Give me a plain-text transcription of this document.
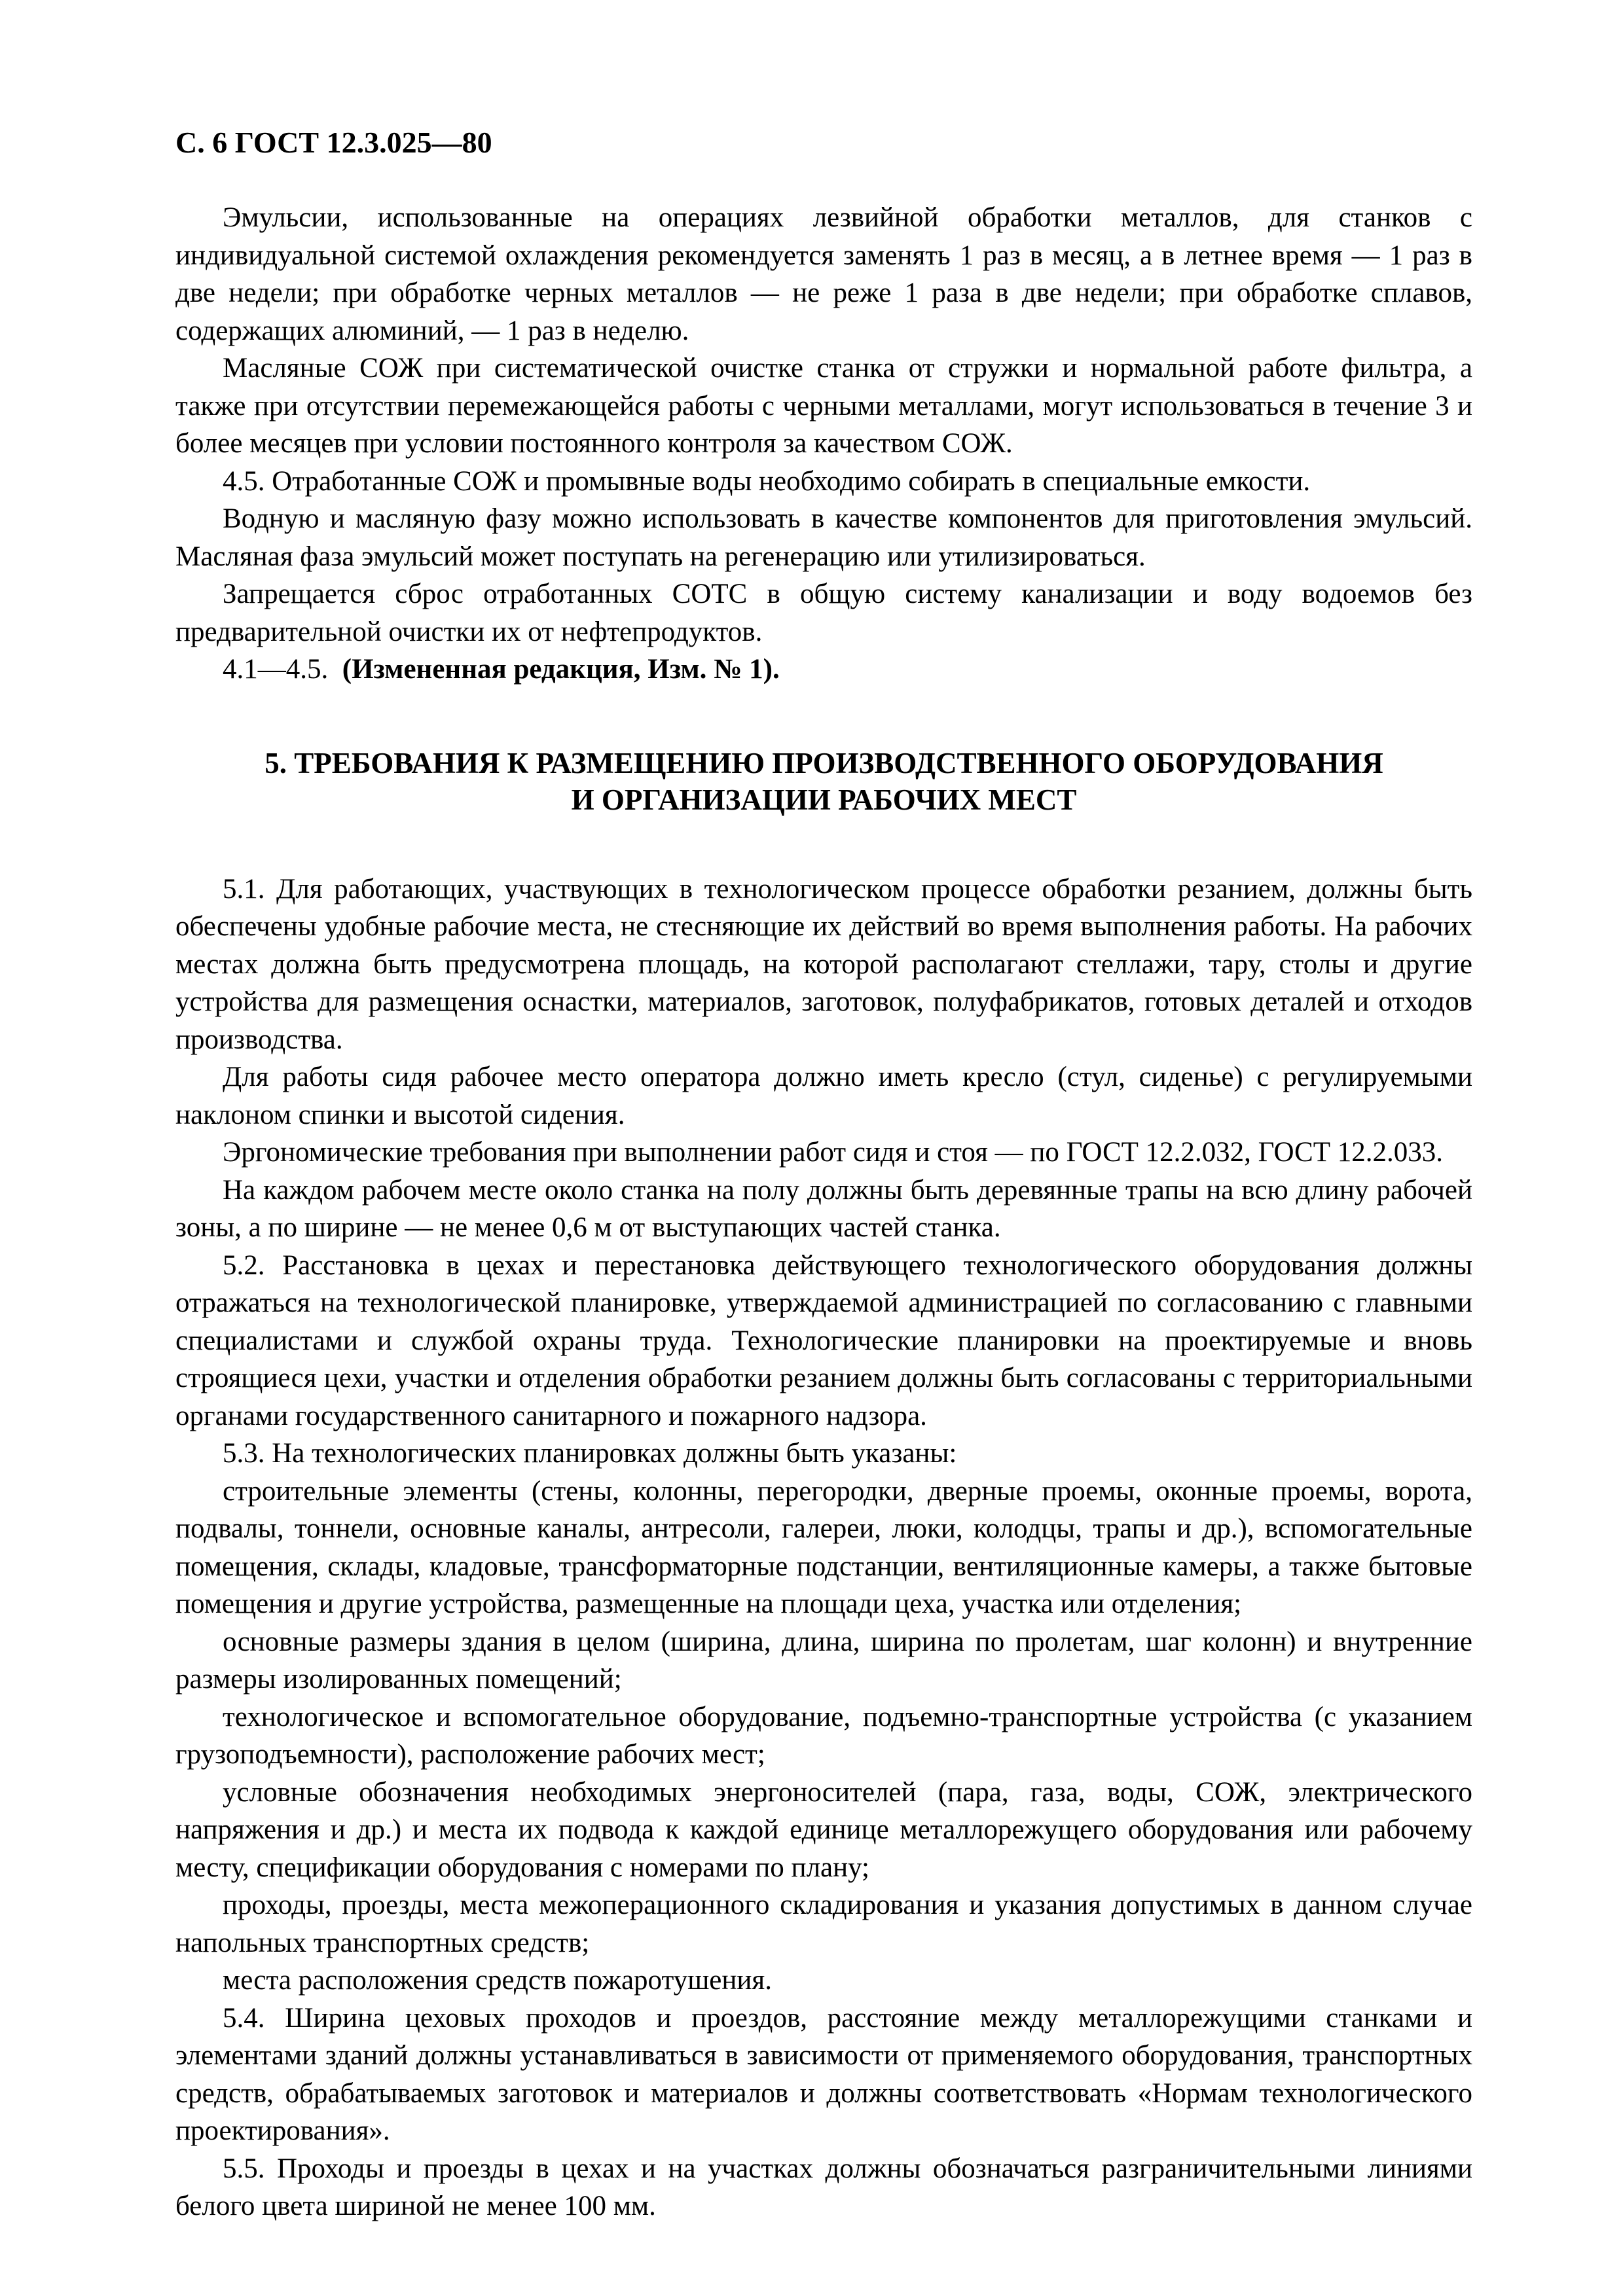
С. 6 ГОСТ 12.3.025—80

Эмульсии, использованные на операциях лезвийной обработки металлов, для станков с индивидуальной системой охлаждения рекомендуется заменять 1 раз в месяц, а в летнее время — 1 раз в две недели; при обработке черных металлов — не реже 1 раза в две недели; при обработке сплавов, содержащих алюминий, — 1 раз в неделю.

Масляные СОЖ при систематической очистке станка от стружки и нормальной работе фильтра, а также при отсутствии перемежающейся работы с черными металлами, могут использоваться в течение 3 и более месяцев при условии постоянного контроля за качеством СОЖ.

4.5. Отработанные СОЖ и промывные воды необходимо собирать в специальные емкости.

Водную и масляную фазу можно использовать в качестве компонентов для приготовления эмульсий. Масляная фаза эмульсий может поступать на регенерацию или утилизироваться.

Запрещается сброс отработанных СОТС в общую систему канализации и воду водоемов без предварительной очистки их от нефтепродуктов.

4.1—4.5. (Измененная редакция, Изм. № 1).

5. ТРЕБОВАНИЯ К РАЗМЕЩЕНИЮ ПРОИЗВОДСТВЕННОГО ОБОРУДОВАНИЯ

И ОРГАНИЗАЦИИ РАБОЧИХ МЕСТ

5.1. Для работающих, участвующих в технологическом процессе обработки резанием, должны быть обеспечены удобные рабочие места, не стесняющие их действий во время выполнения работы. На рабочих местах должна быть предусмотрена площадь, на которой располагают стеллажи, тару, столы и другие устройства для размещения оснастки, материалов, заготовок, полуфабрикатов, готовых деталей и отходов производства.

Для работы сидя рабочее место оператора должно иметь кресло (стул, сиденье) с регулируемыми наклоном спинки и высотой сидения.

Эргономические требования при выполнении работ сидя и стоя — по ГОСТ 12.2.032, ГОСТ 12.2.033.

На каждом рабочем месте около станка на полу должны быть деревянные трапы на всю длину рабочей зоны, а по ширине — не менее 0,6 м от выступающих частей станка.

5.2. Расстановка в цехах и перестановка действующего технологического оборудования должны отражаться на технологической планировке, утверждаемой администрацией по согласованию с главными специалистами и службой охраны труда. Технологические планировки на проектируемые и вновь строящиеся цехи, участки и отделения обработки резанием должны быть согласованы с территориальными органами государственного санитарного и пожарного надзора.

5.3. На технологических планировках должны быть указаны:

строительные элементы (стены, колонны, перегородки, дверные проемы, оконные проемы, ворота, подвалы, тоннели, основные каналы, антресоли, галереи, люки, колодцы, трапы и др.), вспомогательные помещения, склады, кладовые, трансформаторные подстанции, вентиляционные камеры, а также бытовые помещения и другие устройства, размещенные на площади цеха, участка или отделения;

основные размеры здания в целом (ширина, длина, ширина по пролетам, шаг колонн) и внутренние размеры изолированных помещений;

технологическое и вспомогательное оборудование, подъемно-транспортные устройства (с указанием грузоподъемности), расположение рабочих мест;

условные обозначения необходимых энергоносителей (пара, газа, воды, СОЖ, электрического напряжения и др.) и места их подвода к каждой единице металлорежущего оборудования или рабочему месту, спецификации оборудования с номерами по плану;

проходы, проезды, места межоперационного складирования и указания допустимых в данном случае напольных транспортных средств;

места расположения средств пожаротушения.

5.4. Ширина цеховых проходов и проездов, расстояние между металлорежущими станками и элементами зданий должны устанавливаться в зависимости от применяемого оборудования, транспортных средств, обрабатываемых заготовок и материалов и должны соответствовать «Нормам технологического проектирования».

5.5. Проходы и проезды в цехах и на участках должны обозначаться разграничительными линиями белого цвета шириной не менее 100 мм.
